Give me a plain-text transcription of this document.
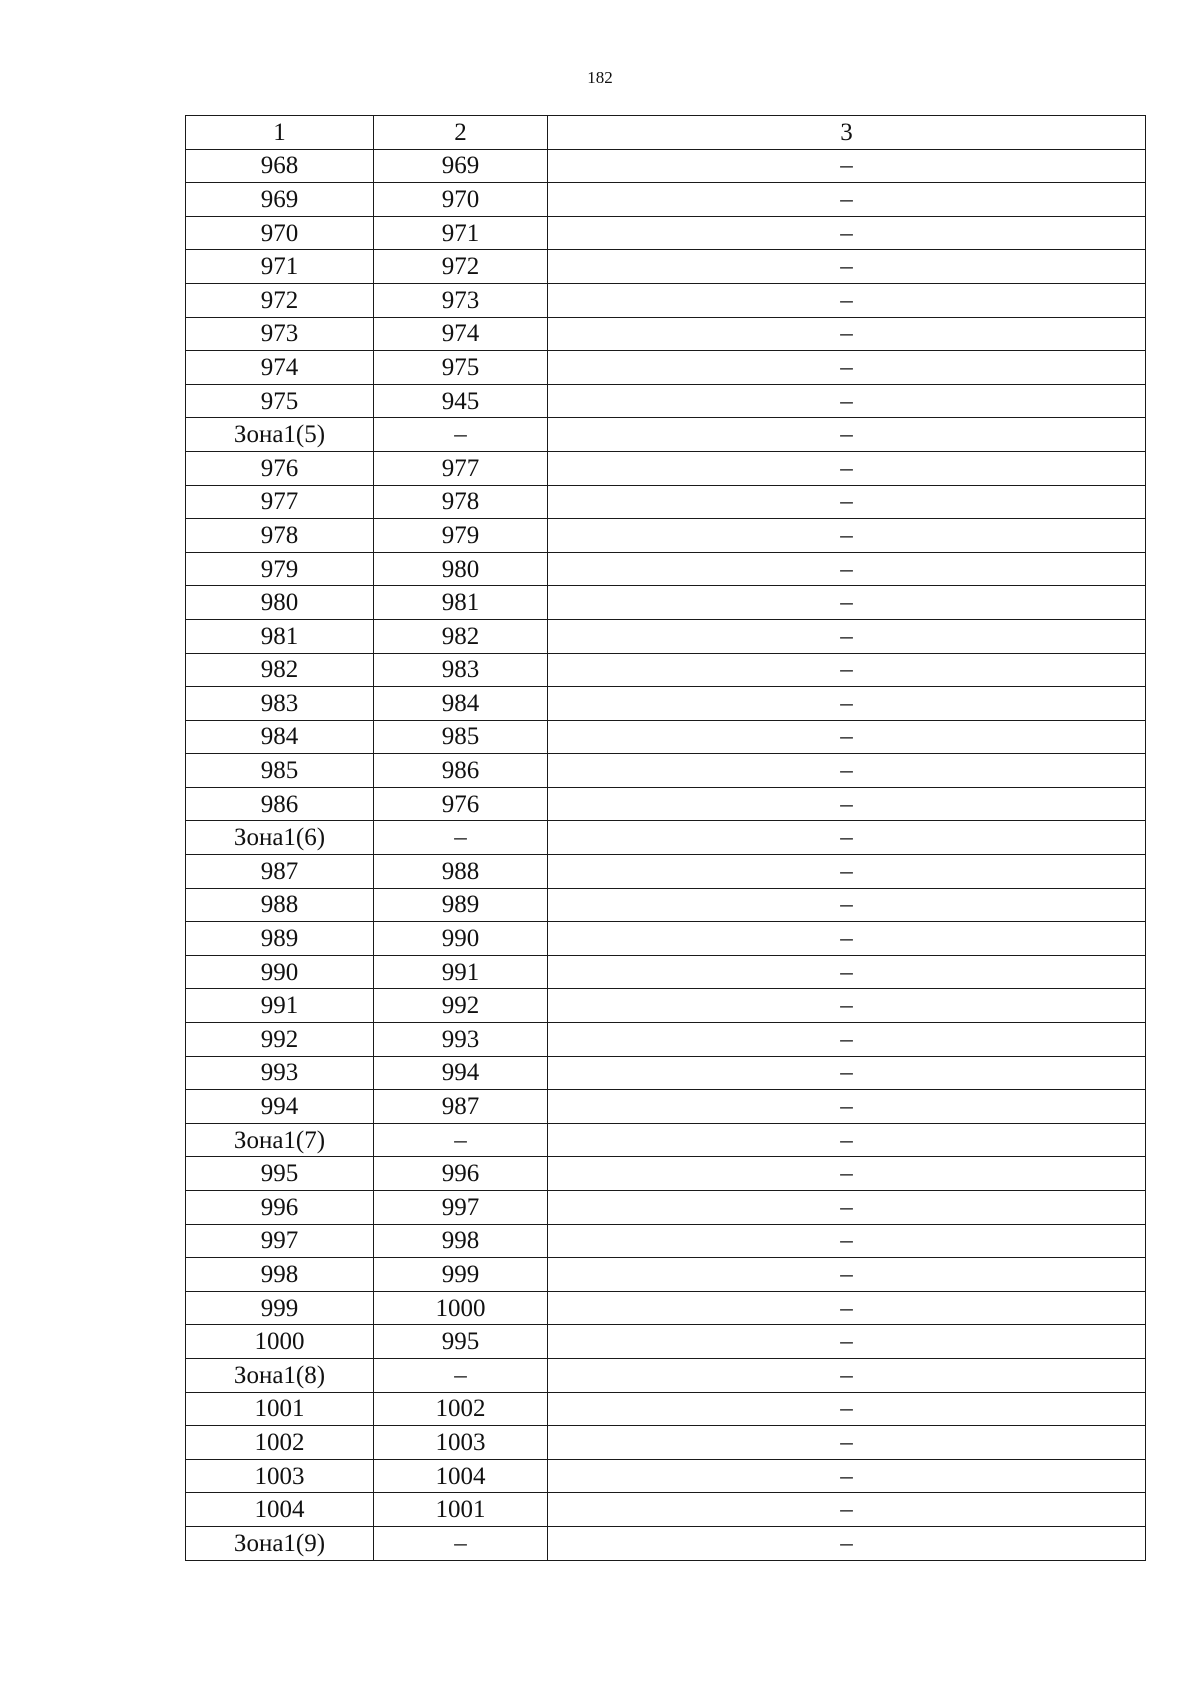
182
1	2	3
968	969	–
969	970	–
970	971	–
971	972	–
972	973	–
973	974	–
974	975	–
975	945	–
Зона1(5)	–	–
976	977	–
977	978	–
978	979	–
979	980	–
980	981	–
981	982	–
982	983	–
983	984	–
984	985	–
985	986	–
986	976	–
Зона1(6)	–	–
987	988	–
988	989	–
989	990	–
990	991	–
991	992	–
992	993	–
993	994	–
994	987	–
Зона1(7)	–	–
995	996	–
996	997	–
997	998	–
998	999	–
999	1000	–
1000	995	–
Зона1(8)	–	–
1001	1002	–
1002	1003	–
1003	1004	–
1004	1001	–
Зона1(9)	–	–
